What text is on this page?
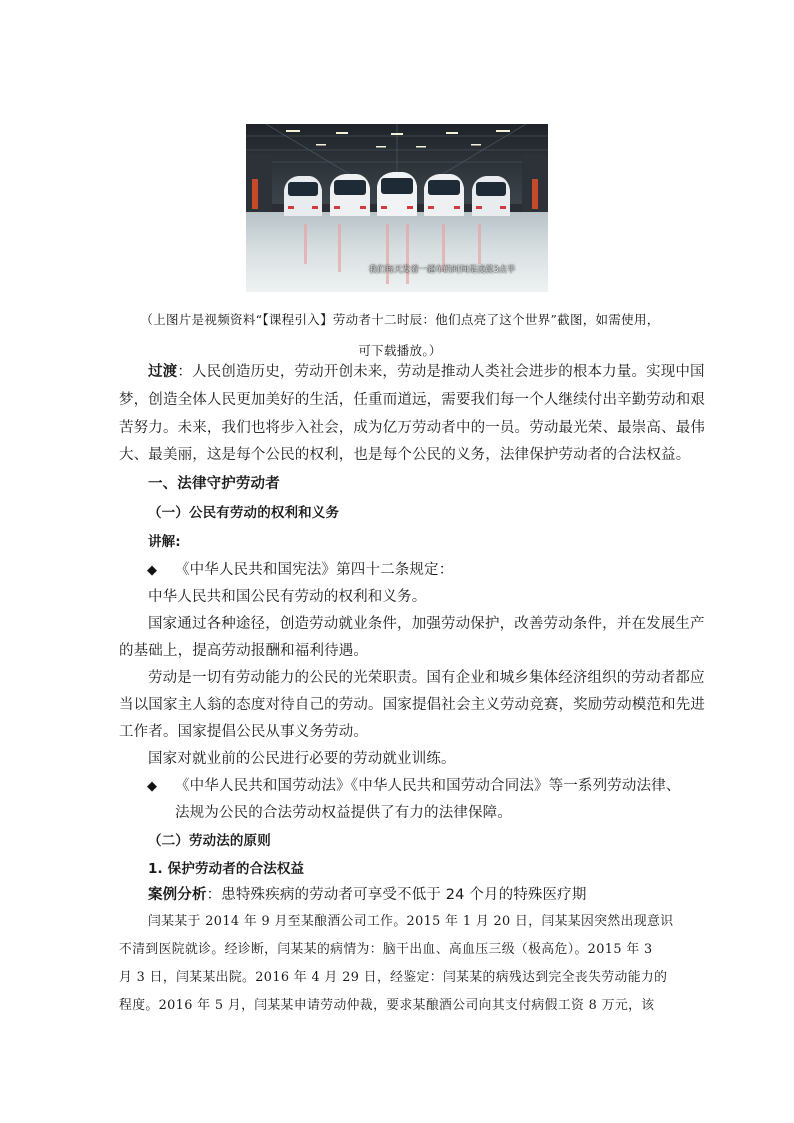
我们每天发着一趟车的时间是凌晨3点半
（上图片是视频资料“【课程引入】劳动者十二时辰：他们点亮了这个世界”截图，如需使用，
可下载播放。）
过渡：人民创造历史，劳动开创未来，劳动是推动人类社会进步的根本力量。实现中国
梦，创造全体人民更加美好的生活，任重而道远，需要我们每一个人继续付出辛勤劳动和艰
苦努力。未来，我们也将步入社会，成为亿万劳动者中的一员。劳动最光荣、最崇高、最伟
大、最美丽，这是每个公民的权利，也是每个公民的义务，法律保护劳动者的合法权益。
一、法律守护劳动者
（一）公民有劳动的权利和义务
讲解:
◆ 《中华人民共和国宪法》第四十二条规定：
中华人民共和国公民有劳动的权利和义务。
国家通过各种途径，创造劳动就业条件，加强劳动保护，改善劳动条件，并在发展生产
的基础上，提高劳动报酬和福利待遇。
劳动是一切有劳动能力的公民的光荣职责。国有企业和城乡集体经济组织的劳动者都应
当以国家主人翁的态度对待自己的劳动。国家提倡社会主义劳动竞赛，奖励劳动模范和先进
工作者。国家提倡公民从事义务劳动。
国家对就业前的公民进行必要的劳动就业训练。
◆ 《中华人民共和国劳动法》《中华人民共和国劳动合同法》等一系列劳动法律、
法规为公民的合法劳动权益提供了有力的法律保障。
（二）劳动法的原则
1. 保护劳动者的合法权益
案例分析：患特殊疾病的劳动者可享受不低于 24 个月的特殊医疗期
闫某某于 2014 年 9 月至某酿酒公司工作。2015 年 1 月 20 日，闫某某因突然出现意识
不清到医院就诊。经诊断，闫某某的病情为：脑干出血、高血压三级（极高危）。2015 年 3
月 3 日，闫某某出院。2016 年 4 月 29 日，经鉴定：闫某某的病残达到完全丧失劳动能力的
程度。2016 年 5 月，闫某某申请劳动仲裁，要求某酿酒公司向其支付病假工资 8 万元，该
